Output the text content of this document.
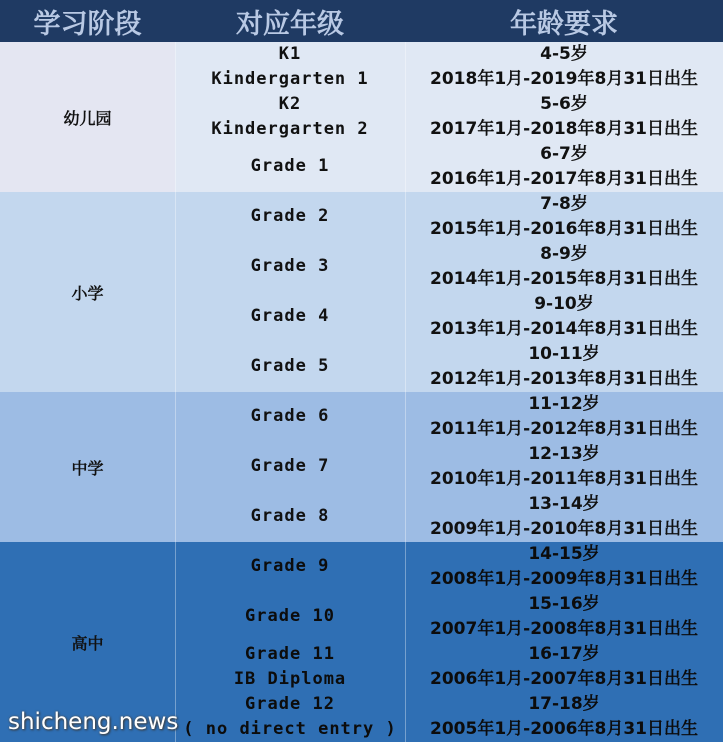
学习阶段	对应年级	年龄要求
幼儿园
小学
中学
高中
K1
Kindergarten 1
4-5岁
2018年1月-2019年8月31日出生
K2
Kindergarten 2
5-6岁
2017年1月-2018年8月31日出生
Grade 1
6-7岁
2016年1月-2017年8月31日出生
Grade 2
7-8岁
2015年1月-2016年8月31日出生
Grade 3
8-9岁
2014年1月-2015年8月31日出生
Grade 4
9-10岁
2013年1月-2014年8月31日出生
Grade 5
10-11岁
2012年1月-2013年8月31日出生
Grade 6
11-12岁
2011年1月-2012年8月31日出生
Grade 7
12-13岁
2010年1月-2011年8月31日出生
Grade 8
13-14岁
2009年1月-2010年8月31日出生
Grade 9
14-15岁
2008年1月-2009年8月31日出生
Grade 10
15-16岁
2007年1月-2008年8月31日出生
Grade 11
IB Diploma
16-17岁
2006年1月-2007年8月31日出生
Grade 12
( no direct entry )
17-18岁
2005年1月-2006年8月31日出生
shicheng.news
